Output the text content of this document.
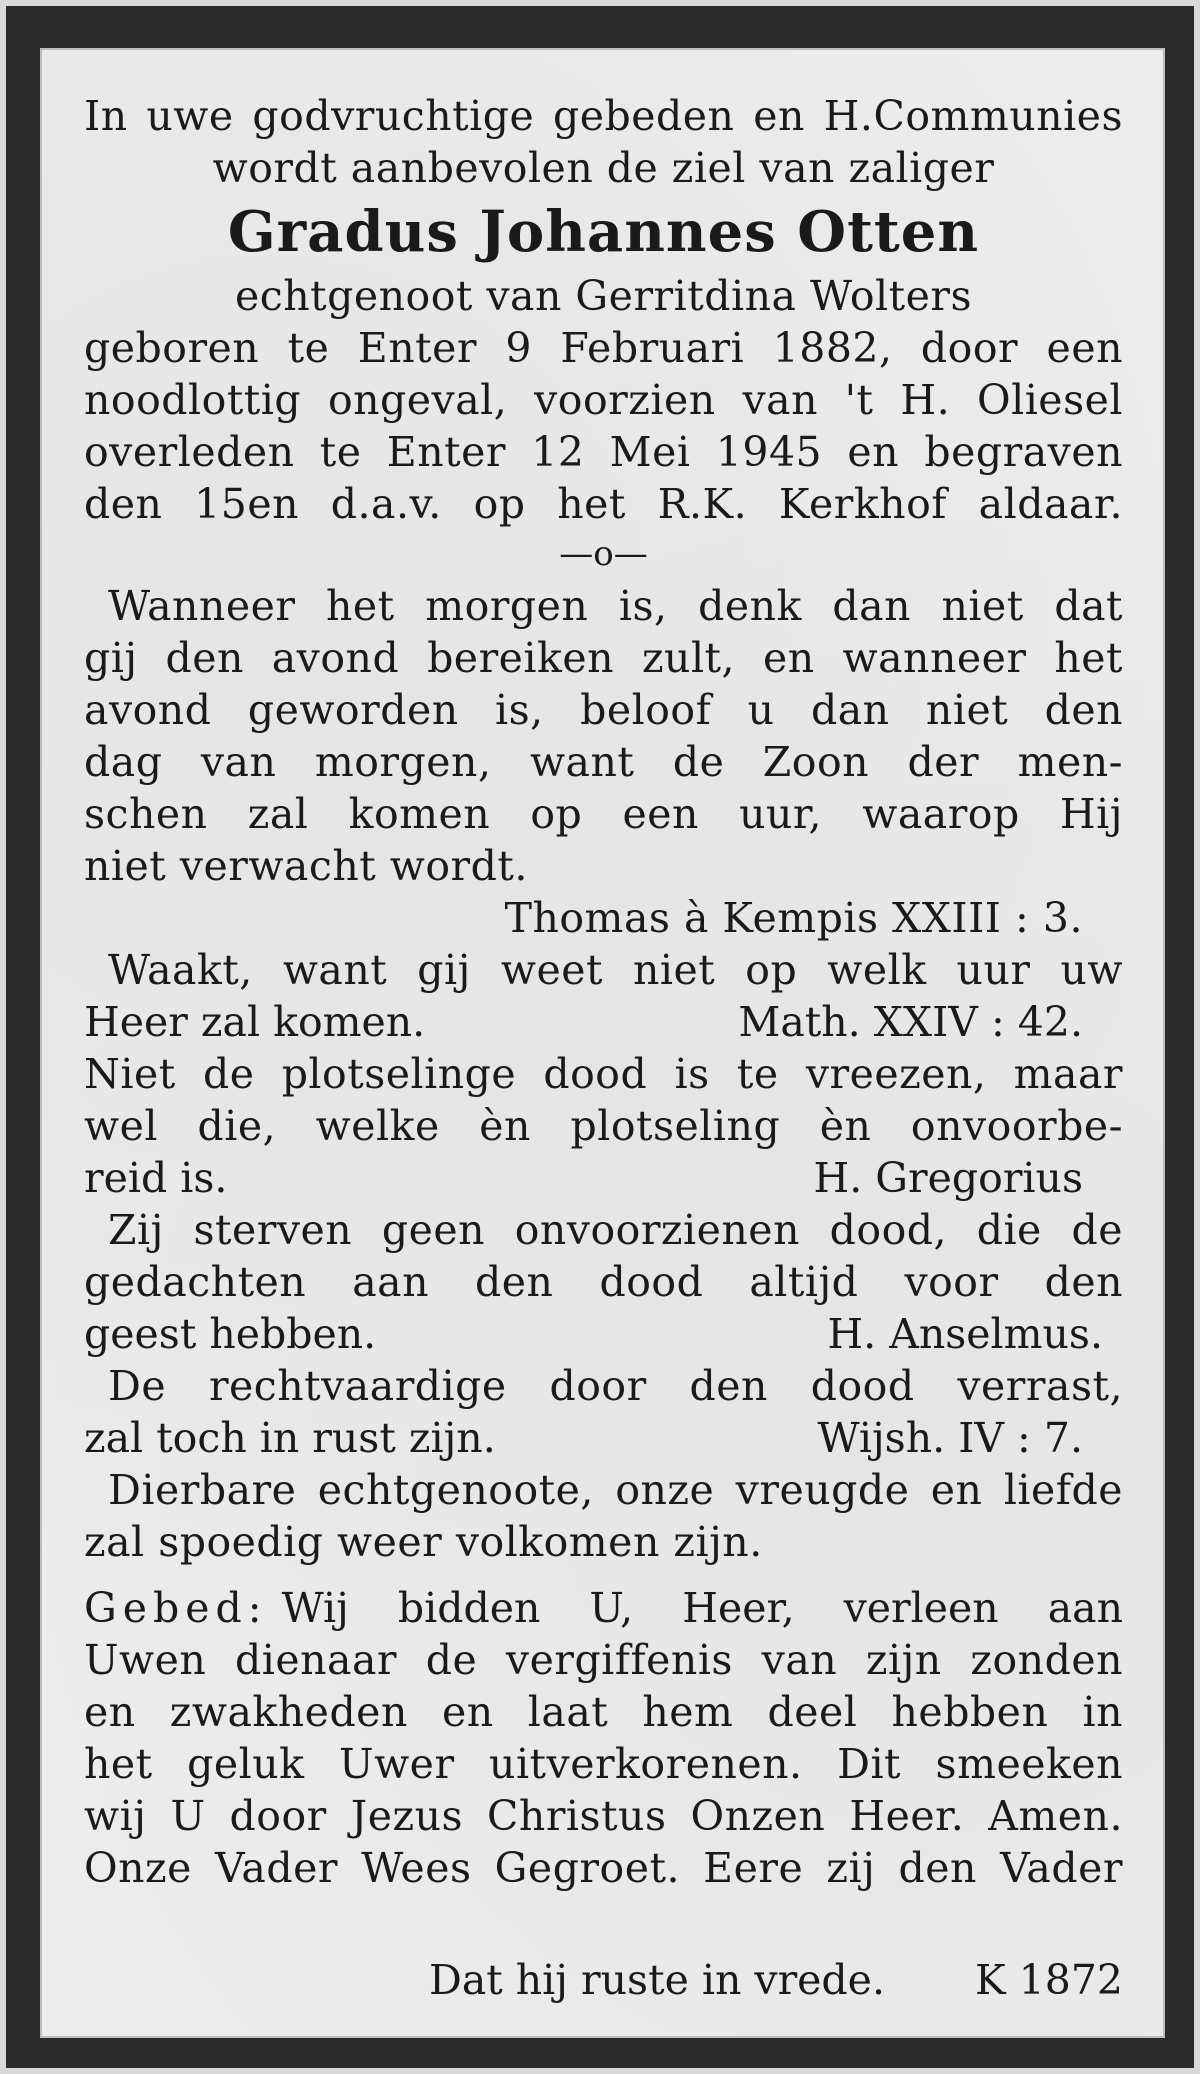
In uwe godvruchtige gebeden en H.Communies
wordt aanbevolen de ziel van zaliger
Gradus Johannes Otten
echtgenoot van Gerritdina Wolters
geboren te Enter 9 Februari 1882, door een
noodlottig ongeval, voorzien van 't H. Oliesel
overleden te Enter 12 Mei 1945 en begraven
den 15en d.a.v. op het R.K. Kerkhof aldaar.
—o—
Wanneer het morgen is, denk dan niet dat
gij den avond bereiken zult, en wanneer het
avond geworden is, beloof u dan niet den
dag van morgen, want de Zoon der men-
schen zal komen op een uur, waarop Hij
niet verwacht wordt.
Thomas à Kempis XXIII : 3.
Waakt, want gij weet niet op welk uur uw
Heer zal komen.	Math. XXIV : 42.
Niet de plotselinge dood is te vreezen, maar
wel die, welke èn plotseling èn onvoorbe-
reid is.	H. Gregorius
Zij sterven geen onvoorzienen dood, die de
gedachten aan den dood altijd voor den
geest hebben.	H. Anselmus.
De rechtvaardige door den dood verrast,
zal toch in rust zijn.	Wijsh. IV : 7.
Dierbare echtgenoote, onze vreugde en liefde
zal spoedig weer volkomen zijn.
Gebed: Wij bidden U, Heer, verleen aan
Uwen dienaar de vergiffenis van zijn zonden
en zwakheden en laat hem deel hebben in
het geluk Uwer uitverkorenen. Dit smeeken
wij U door Jezus Christus Onzen Heer. Amen.
Onze Vader Wees Gegroet. Eere zij den Vader
Dat hij ruste in vrede. K 1872
